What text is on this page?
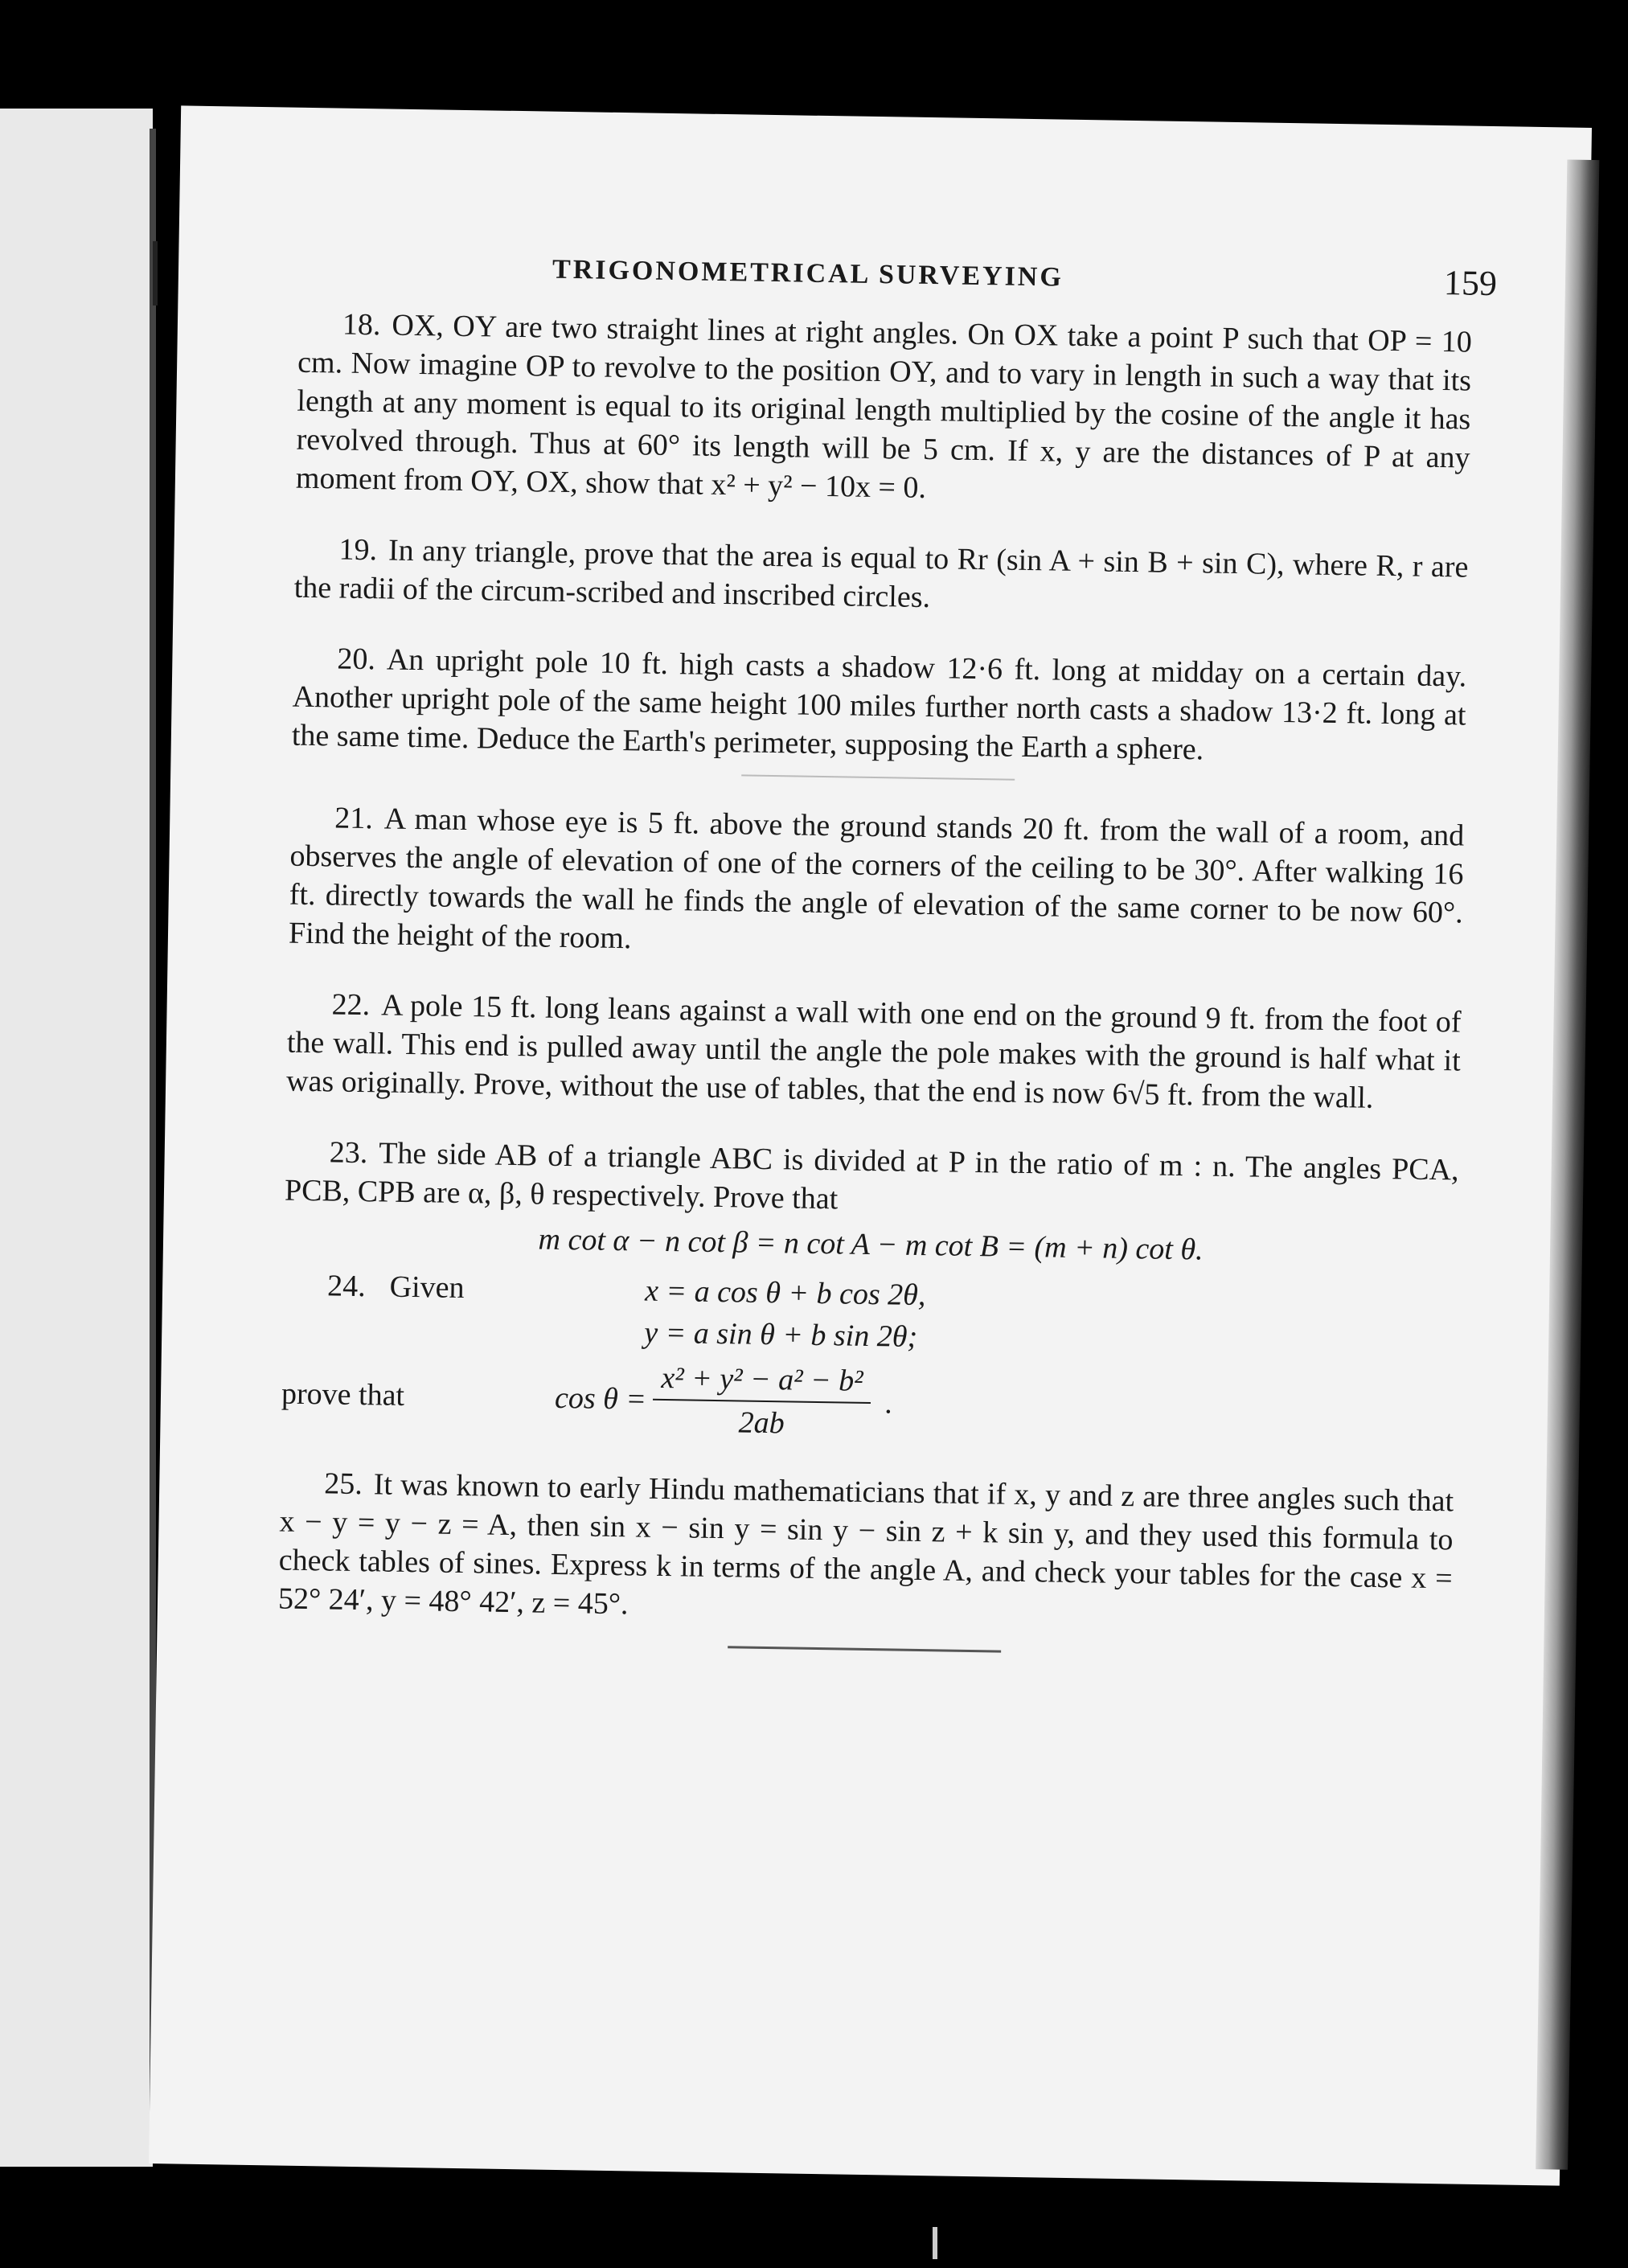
TRIGONOMETRICAL SURVEYING	159

18. OX, OY are two straight lines at right angles. On OX take a point P such that OP = 10 cm. Now imagine OP to revolve to the position OY, and to vary in length in such a way that its length at any moment is equal to its original length multiplied by the cosine of the angle it has revolved through. Thus at 60° its length will be 5 cm. If x, y are the distances of P at any moment from OY, OX, show that x² + y² − 10x = 0.

19. In any triangle, prove that the area is equal to Rr (sin A + sin B + sin C), where R, r are the radii of the circum-scribed and inscribed circles.

20. An upright pole 10 ft. high casts a shadow 12·6 ft. long at midday on a certain day. Another upright pole of the same height 100 miles further north casts a shadow 13·2 ft. long at the same time. Deduce the Earth's perimeter, supposing the Earth a sphere.

21. A man whose eye is 5 ft. above the ground stands 20 ft. from the wall of a room, and observes the angle of elevation of one of the corners of the ceiling to be 30°. After walking 16 ft. directly towards the wall he finds the angle of elevation of the same corner to be now 60°. Find the height of the room.

22. A pole 15 ft. long leans against a wall with one end on the ground 9 ft. from the foot of the wall. This end is pulled away until the angle the pole makes with the ground is half what it was originally. Prove, without the use of tables, that the end is now 6√5 ft. from the wall.

23. The side AB of a triangle ABC is divided at P in the ratio of m : n. The angles PCA, PCB, CPB are α, β, θ respectively. Prove that

m cot α − n cot β = n cot A − m cot B = (m + n) cot θ.
24. Given	x = a cos θ + b cos 2θ,
y = a sin θ + b sin 2θ;
prove that	$\cos \theta = \frac{\text{x² + y² − a² − b²}}{2ab}$ .

25. It was known to early Hindu mathematicians that if x, y and z are three angles such that x − y = y − z = A, then sin x − sin y = sin y − sin z + k sin y, and they used this formula to check tables of sines. Express k in terms of the angle A, and check your tables for the case x = 52° 24′, y = 48° 42′, z = 45°.
